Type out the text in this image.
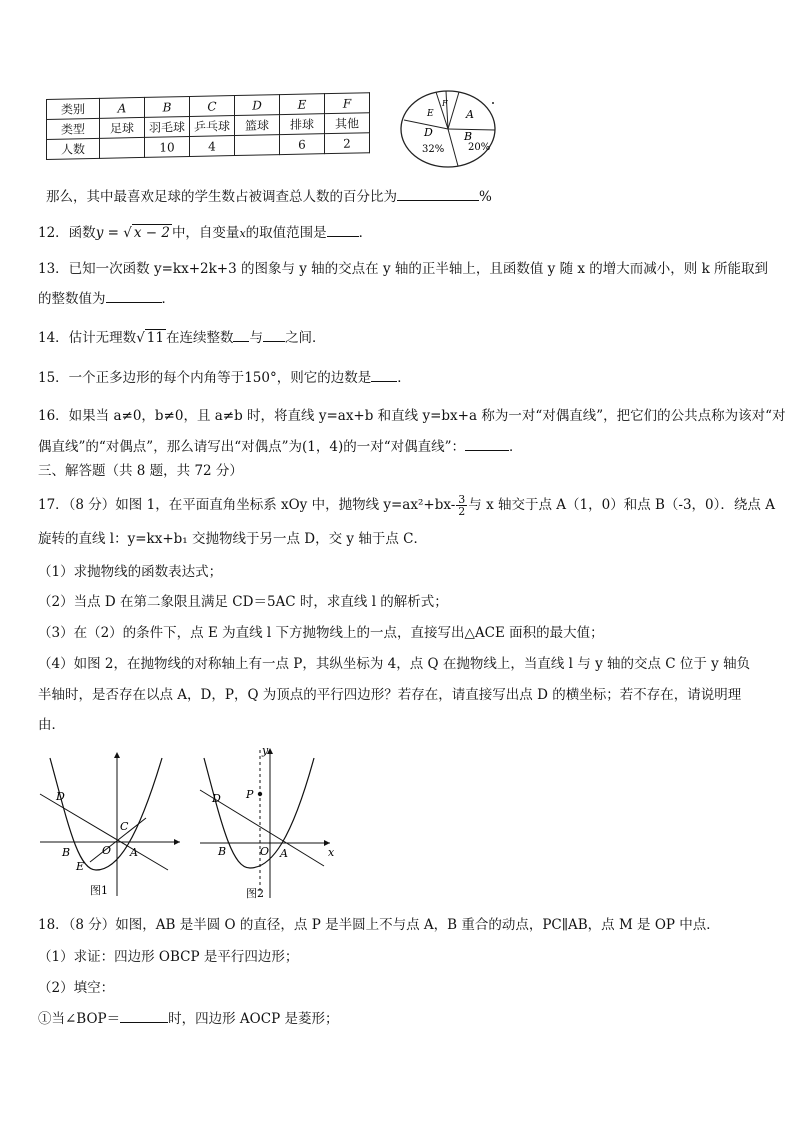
类别	A	B	C	D	E	F
类型	足球	羽毛球	乒乓球	篮球	排球	其他
人数		10	4		6	2
A
B
D
E
F
32% 20%
那么，其中最喜欢足球的学生数占被调查总人数的百分比为	%
12．函数y = √ x − 2 中，自变量x的取值范围是 ．
13．已知一次函数 y=kx+2k+3 的图象与 y 轴的交点在 y 轴的正半轴上，且函数值 y 随 x 的增大而减小，则 k 所能取到
的整数值为	．
14．估计无理数√ 11 在连续整数 与 之间．
15．一个正多边形的每个内角等于150°，则它的边数是 ．
16．如果当 a≠0，b≠0，且 a≠b 时，将直线 y=ax+b 和直线 y=bx+a 称为一对“对偶直线”，把它们的公共点称为该对“对
偶直线”的“对偶点”，那么请写出“对偶点”为(1，4)的一对“对偶直线”：	．
三、解答题（共 8 题，共 72 分）
17．（8 分）如图 1，在平面直角坐标系 xOy 中，抛物线 $y=ax^2+bx- \frac{3}{2}$ 与 x 轴交于点 A（1，0）和点 B（-3，0）．绕点 A
旋转的直线 l：y=kx+b₁ 交抛物线于另一点 D，交 y 轴于点 C．
（1）求抛物线的函数表达式；
（2）当点 D 在第二象限且满足 CD＝5AC 时，求直线 l 的解析式；
（3）在（2）的条件下，点 E 为直线 l 下方抛物线上的一点，直接写出△ACE 面积的最大值；
（4）如图 2，在抛物线的对称轴上有一点 P，其纵坐标为 4，点 Q 在抛物线上，当直线 l 与 y 轴的交点 C 位于 y 轴负
半轴时，是否存在以点 A，D，P，Q 为顶点的平行四边形？若存在，请直接写出点 D 的横坐标；若不存在，请说明理
由．
D
C
B	O A
E
图1
y
P
D
B	O A	x
图2
18．（8 分）如图，AB 是半圆 O 的直径，点 P 是半圆上不与点 A，B 重合的动点，PC∥AB，点 M 是 OP 中点．
（1）求证：四边形 OBCP 是平行四边形；
（2）填空：
①当∠BOP＝	时，四边形 AOCP 是菱形；
